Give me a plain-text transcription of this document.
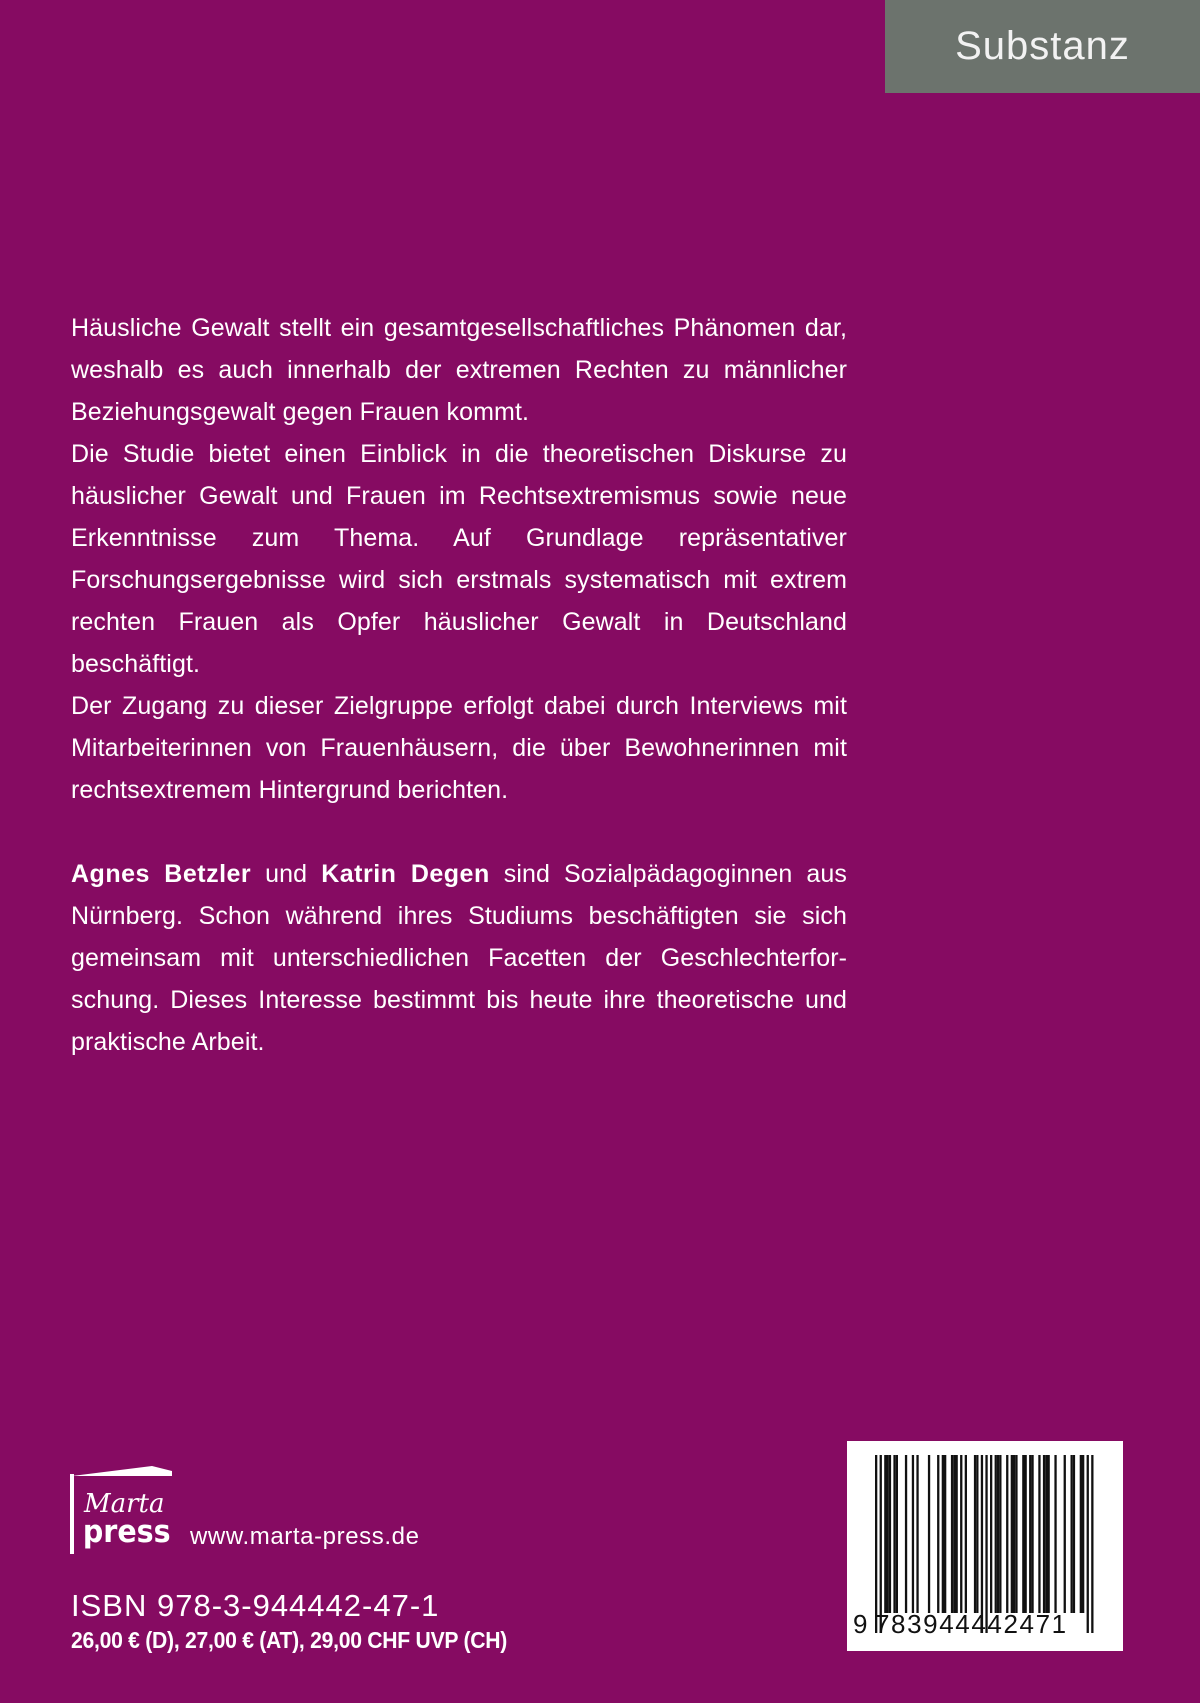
Substanz

Häusliche Gewalt stellt ein gesamtgesellschaftliches Phänomen dar, weshalb es auch innerhalb der extremen Rechten zu männlicher Beziehungsgewalt gegen Frauen kommt.

Die Studie bietet einen Einblick in die theoretischen Diskurse zu häuslicher Gewalt und Frauen im Rechtsextremismus sowie neue Erkenntnisse zum Thema. Auf Grundlage repräsentativer Forschungsergebnisse wird sich erstmals systematisch mit extrem rechten Frauen als Opfer häuslicher Gewalt in Deutschland beschäftigt.

Der Zugang zu dieser Zielgruppe erfolgt dabei durch Interviews mit Mitarbeiterinnen von Frauenhäusern, die über Bewohnerinnen mit rechtsextremem Hintergrund berichten.

Agnes Betzler und Katrin Degen sind Sozialpädagoginnen aus Nürnberg. Schon während ihres Studiums beschäftigten sie sich gemeinsam mit unterschiedlichen Facetten der Geschlechterforschung. Dieses Interesse bestimmt bis heute ihre theoretische und praktische Arbeit.

Marta
press www.marta-press.de
ISBN 978-3-944442-47-1
26,00 € (D), 27,00 € (AT), 29,00 CHF UVP (CH)
9 783944442471
